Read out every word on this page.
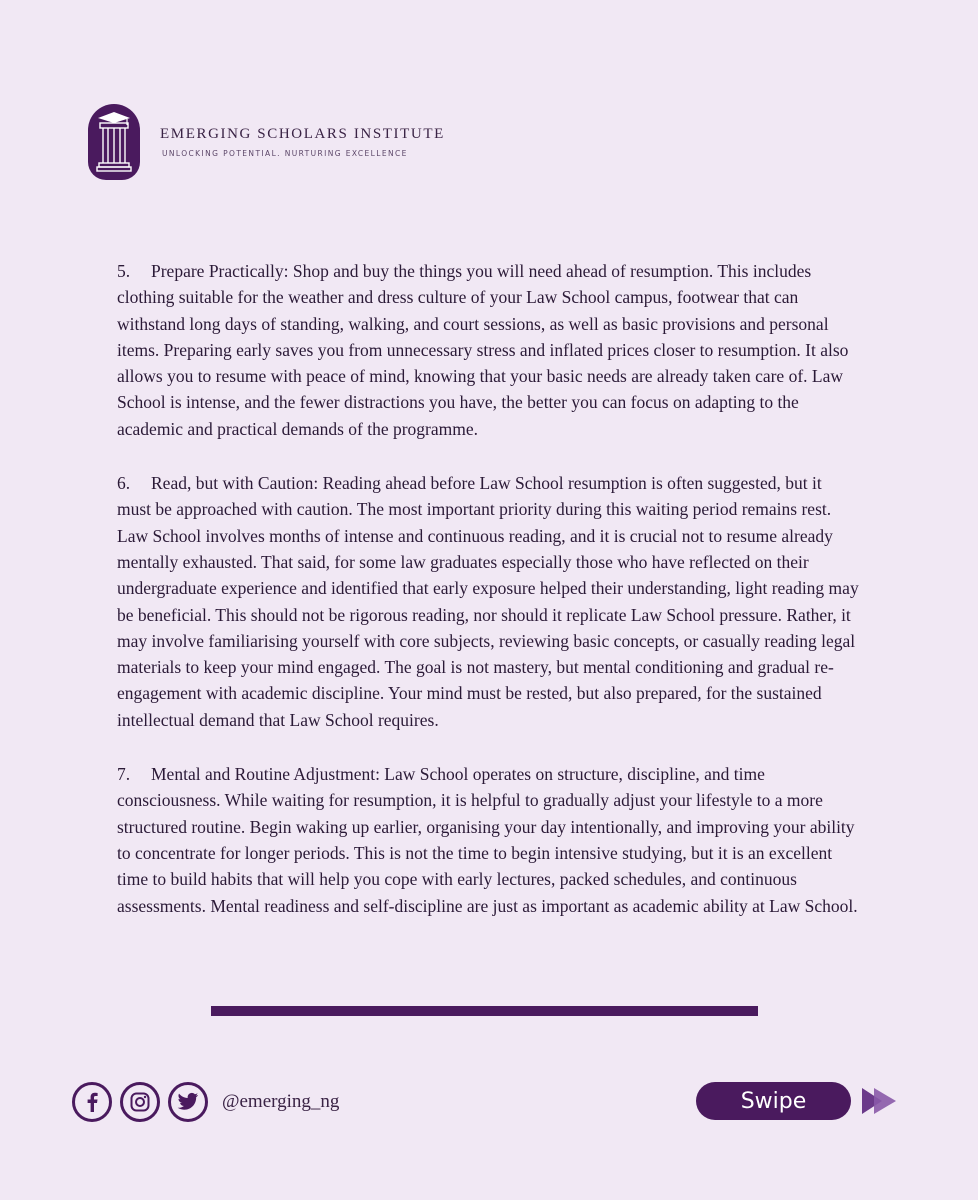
EMERGING SCHOLARS INSTITUTE
UNLOCKING POTENTIAL. NURTURING EXCELLENCE

5. Prepare Practically: Shop and buy the things you will need ahead of resumption. This includes clothing suitable for the weather and dress culture of your Law School campus, footwear that can withstand long days of standing, walking, and court sessions, as well as basic provisions and personal items. Preparing early saves you from unnecessary stress and inflated prices closer to resumption. It also allows you to resume with peace of mind, knowing that your basic needs are already taken care of. Law School is intense, and the fewer distractions you have, the better you can focus on adapting to the academic and practical demands of the programme.

6. Read, but with Caution: Reading ahead before Law School resumption is often suggested, but it must be approached with caution. The most important priority during this waiting period remains rest. Law School involves months of intense and continuous reading, and it is crucial not to resume already mentally exhausted. That said, for some law graduates especially those who have reflected on their undergraduate experience and identified that early exposure helped their understanding, light reading may be beneficial. This should not be rigorous reading, nor should it replicate Law School pressure. Rather, it may involve familiarising yourself with core subjects, reviewing basic concepts, or casually reading legal materials to keep your mind engaged. The goal is not mastery, but mental conditioning and gradual re-engagement with academic discipline. Your mind must be rested, but also prepared, for the sustained intellectual demand that Law School requires.

7. Mental and Routine Adjustment: Law School operates on structure, discipline, and time consciousness. While waiting for resumption, it is helpful to gradually adjust your lifestyle to a more structured routine. Begin waking up earlier, organising your day intentionally, and improving your ability to concentrate for longer periods. This is not the time to begin intensive studying, but it is an excellent time to build habits that will help you cope with early lectures, packed schedules, and continuous assessments. Mental readiness and self-discipline are just as important as academic ability at Law School.

@emerging_ng	Swipe
